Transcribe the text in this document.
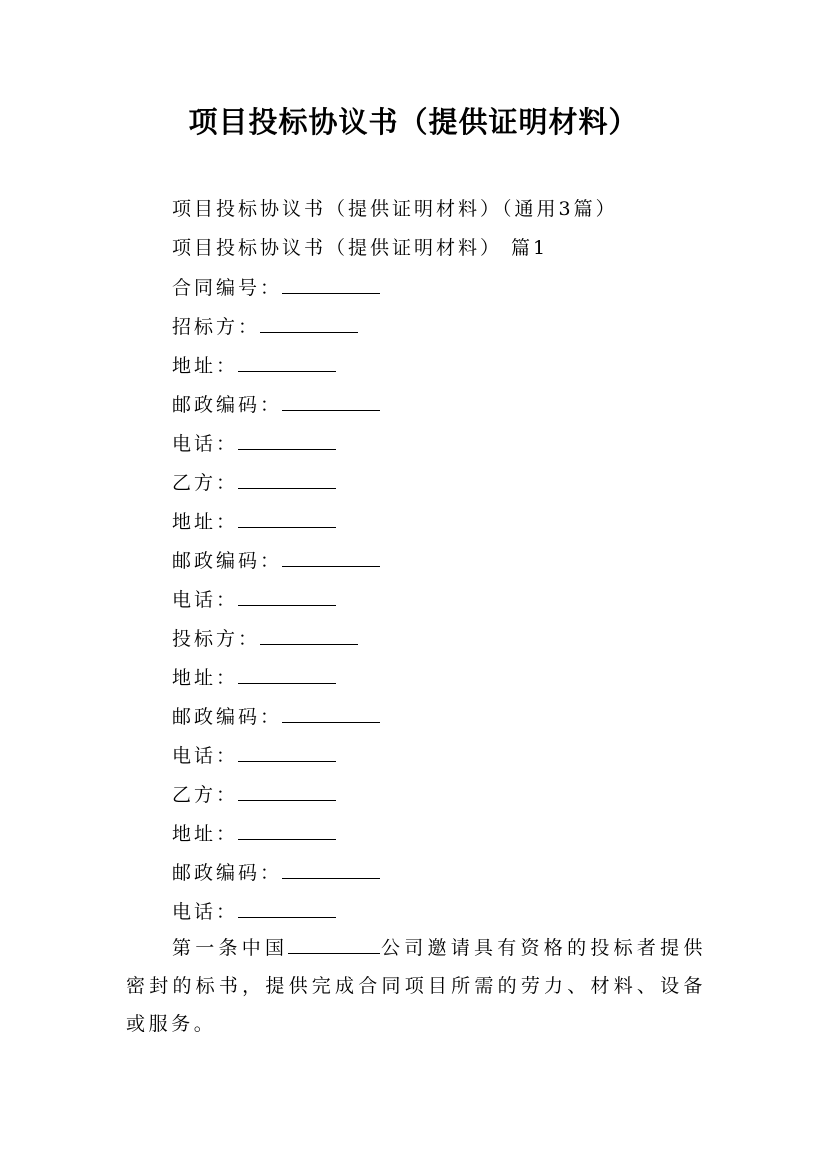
项目投标协议书（提供证明材料）
项目投标协议书（提供证明材料）（通用3篇）
项目投标协议书（提供证明材料） 篇1
合同编号：
招标方：
地址：
邮政编码：
电话：
乙方：
地址：
邮政编码：
电话：
投标方：
地址：
邮政编码：
电话：
乙方：
地址：
邮政编码：
电话：

第一条中国	公司邀请具有资格的投标者提供密封的标书，提供完成合同项目所需的劳力、材料、设备或服务。
